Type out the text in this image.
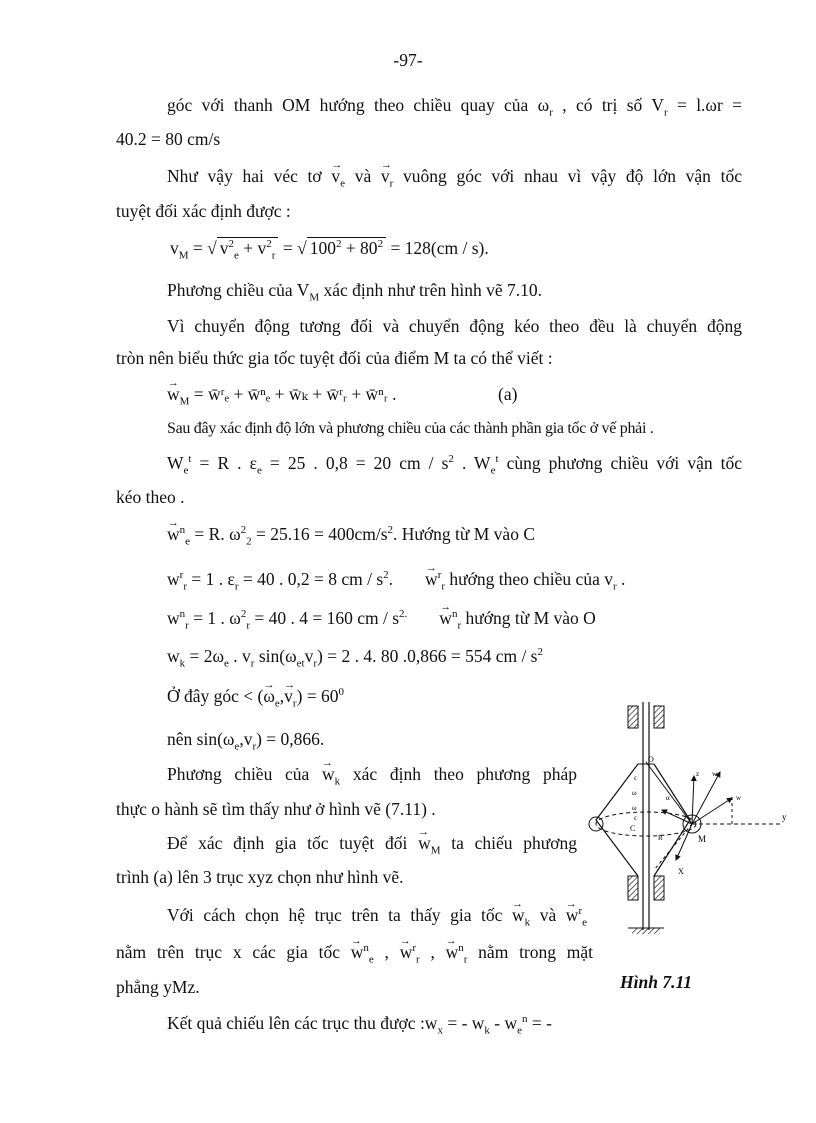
-97-
góc với thanh OM hướng theo chiều quay của $\omega_r$ , có trị số $V_r = l.\omega r$ =
40.2 = 80 cm/s
Như vậy hai véc tơ → $v_e$ và → $v_r$ vuông góc với nhau vì vậy độ lớn vận tốc
tuyệt đối xác định được :
$v_M$ = √ $v^2_e + v^2_r$ = √ $100^2 + 80^2 = 128(cm / s)$.
Phương chiều của $V_M$ xác định như trên hình vẽ 7.10.
Vì chuyển động tương đối và chuyển động kéo theo đều là chuyển động
tròn nên biểu thức gia tốc tuyệt đối của điểm M ta có thể viết :
→ $w_M$ = w̄ʳₑ + w̄ⁿₑ + w̄ₖ + w̄ʳᵣ + w̄ⁿᵣ .	(a)
Sau đây xác định độ lớn và phương chiều của các thành phần gia tốc ở vế phải .
$W_e^t = R$ . $\varepsilon_e = 25$ . 0,8 = 20 cm / $s^2$ . $W_e^t$ cùng phương chiều với vận tốc
kéo theo .
→ $w^n_e = R$. $\omega^2_2 = 25.16 = 400cm/s^2$. Hướng từ M vào C
$w^r_r = 1$ . $\varepsilon_r = 40$ . 0,2 = 8 cm / $s^2.\to w^r_r$ hướng theo chiều của $v_r$ .
$w^n_r = 1$ . $\omega^2_r = 40$ . 4 = 160 cm / $s^{2.}\to w^n_r$ hướng từ M vào O
$w_k = 2\omega_e$ . $v_r$ $\sin(\omega_{et}v_r) = 2$ . 4. 80 .0,866 = 554 cm / $s^2$
Ở đây góc < (→ $\omega_e,\to v_r) = 60^0$
nên $\sin(\omega_e,v_r) = 0,866$.
Phương chiều của → $w_k$ xác định theo phương pháp
thực o hành sẽ tìm thấy như ở hình vẽ (7.11) .
Để xác định gia tốc tuyệt đối → $w_M$ ta chiếu phương
trình (a) lên 3 trục xyz chọn như hình vẽ.
Với cách chọn hệ trục trên ta thấy gia tốc → $w_k$ và → $w^r_e$
nằm trên trục x các gia tốc → $w^n_e$ , → $w^r_r$ , → $w^n_r$ nằm trong mặt
phẳng yMz.
Kết quả chiếu lên các trục thu được $:w_x$ = - $w_k - w_e^n$ = -
O
y
X
M
C
R
α
ε
ω
ω
ε
w
w
z
Hình 7.11
